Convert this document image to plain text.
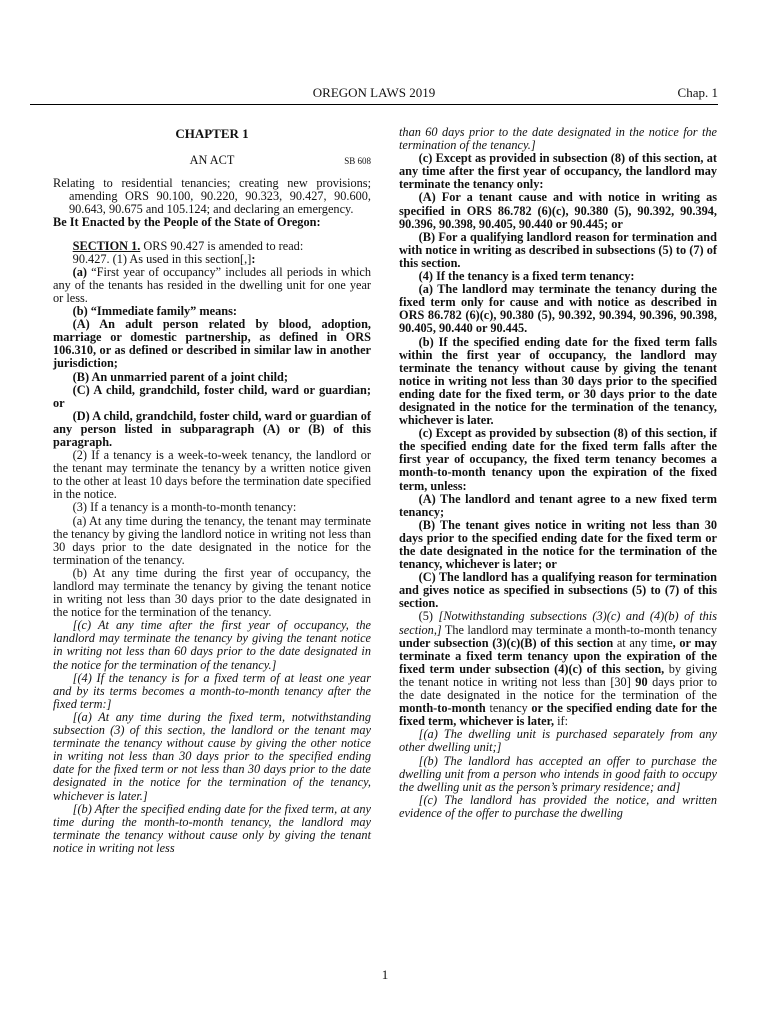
OREGON LAWS 2019	Chap. 1

CHAPTER 1

AN ACT	SB 608

Relating to residential tenancies; creating new provisions; amending ORS 90.100, 90.220, 90.323, 90.427, 90.600, 90.643, 90.675 and 105.124; and declaring an emergency.

Be It Enacted by the People of the State of Oregon:

SECTION 1. ORS 90.427 is amended to read:

90.427. (1) As used in this section[,]:

(a) “First year of occupancy” includes all periods in which any of the tenants has resided in the dwelling unit for one year or less.

(b) “Immediate family” means:

(A) An adult person related by blood, adoption, marriage or domestic partnership, as defined in ORS 106.310, or as defined or described in similar law in another jurisdiction;

(B) An unmarried parent of a joint child;

(C) A child, grandchild, foster child, ward or guardian; or

(D) A child, grandchild, foster child, ward or guardian of any person listed in subparagraph (A) or (B) of this paragraph.

(2) If a tenancy is a week-to-week tenancy, the landlord or the tenant may terminate the tenancy by a written notice given to the other at least 10 days before the termination date specified in the notice.

(3) If a tenancy is a month-to-month tenancy:

(a) At any time during the tenancy, the tenant may terminate the tenancy by giving the landlord notice in writing not less than 30 days prior to the date designated in the notice for the termination of the tenancy.

(b) At any time during the first year of occupancy, the landlord may terminate the tenancy by giving the tenant notice in writing not less than 30 days prior to the date designated in the notice for the termination of the tenancy.

[(c) At any time after the first year of occupancy, the landlord may terminate the tenancy by giving the tenant notice in writing not less than 60 days prior to the date designated in the notice for the termination of the tenancy.]

[(4) If the tenancy is for a fixed term of at least one year and by its terms becomes a month-to-month tenancy after the fixed term:]

[(a) At any time during the fixed term, notwithstanding subsection (3) of this section, the landlord or the tenant may terminate the tenancy without cause by giving the other notice in writing not less than 30 days prior to the specified ending date for the fixed term or not less than 30 days prior to the date designated in the notice for the termination of the tenancy, whichever is later.]

[(b) After the specified ending date for the fixed term, at any time during the month-to-month tenancy, the landlord may terminate the tenancy without cause only by giving the tenant notice in writing not less

than 60 days prior to the date designated in the notice for the termination of the tenancy.]

(c) Except as provided in subsection (8) of this section, at any time after the first year of occupancy, the landlord may terminate the tenancy only:

(A) For a tenant cause and with notice in writing as specified in ORS 86.782 (6)(c), 90.380 (5), 90.392, 90.394, 90.396, 90.398, 90.405, 90.440 or 90.445; or

(B) For a qualifying landlord reason for termination and with notice in writing as described in subsections (5) to (7) of this section.

(4) If the tenancy is a fixed term tenancy:

(a) The landlord may terminate the tenancy during the fixed term only for cause and with notice as described in ORS 86.782 (6)(c), 90.380 (5), 90.392, 90.394, 90.396, 90.398, 90.405, 90.440 or 90.445.

(b) If the specified ending date for the fixed term falls within the first year of occupancy, the landlord may terminate the tenancy without cause by giving the tenant notice in writing not less than 30 days prior to the specified ending date for the fixed term, or 30 days prior to the date designated in the notice for the termination of the tenancy, whichever is later.

(c) Except as provided by subsection (8) of this section, if the specified ending date for the fixed term falls after the first year of occupancy, the fixed term tenancy becomes a month-to-month tenancy upon the expiration of the fixed term, unless:

(A) The landlord and tenant agree to a new fixed term tenancy;

(B) The tenant gives notice in writing not less than 30 days prior to the specified ending date for the fixed term or the date designated in the notice for the termination of the tenancy, whichever is later; or

(C) The landlord has a qualifying reason for termination and gives notice as specified in subsections (5) to (7) of this section.

(5) [Notwithstanding subsections (3)(c) and (4)(b) of this section,] The landlord may terminate a month-to-month tenancy under subsection (3)(c)(B) of this section at any time, or may terminate a fixed term tenancy upon the expiration of the fixed term under subsection (4)(c) of this section, by giving the tenant notice in writing not less than [30] 90 days prior to the date designated in the notice for the termination of the month-to-month tenancy or the specified ending date for the fixed term, whichever is later, if:

[(a) The dwelling unit is purchased separately from any other dwelling unit;]

[(b) The landlord has accepted an offer to purchase the dwelling unit from a person who intends in good faith to occupy the dwelling unit as the person’s primary residence; and]

[(c) The landlord has provided the notice, and written evidence of the offer to purchase the dwelling

1
